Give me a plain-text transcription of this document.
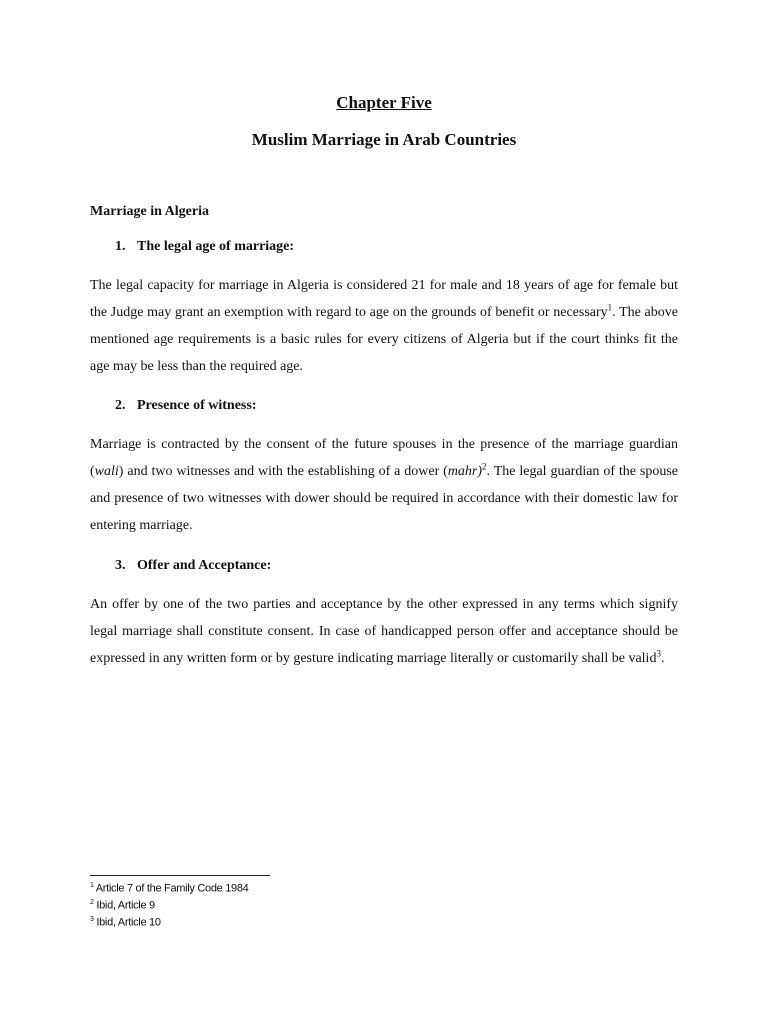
Chapter Five
Muslim Marriage in Arab Countries
Marriage in Algeria
1. The legal age of marriage:
The legal capacity for marriage in Algeria is considered 21 for male and 18 years of age for female but the Judge may grant an exemption with regard to age on the grounds of benefit or necessary$^1$. The above mentioned age requirements is a basic rules for every citizens of Algeria but if the court thinks fit the age may be less than the required age.
2. Presence of witness:
Marriage is contracted by the consent of the future spouses in the presence of the marriage guardian (wali) and two witnesses and with the establishing of a dower (mahr)$^2$. The legal guardian of the spouse and presence of two witnesses with dower should be required in accordance with their domestic law for entering marriage.
3. Offer and Acceptance:
An offer by one of the two parties and acceptance by the other expressed in any terms which signify legal marriage shall constitute consent. In case of handicapped person offer and acceptance should be expressed in any written form or by gesture indicating marriage literally or customarily shall be valid$^3$.
$^1$ Article 7 of the Family Code 1984
$^2$ Ibid, Article 9
$^3$ Ibid, Article 10
